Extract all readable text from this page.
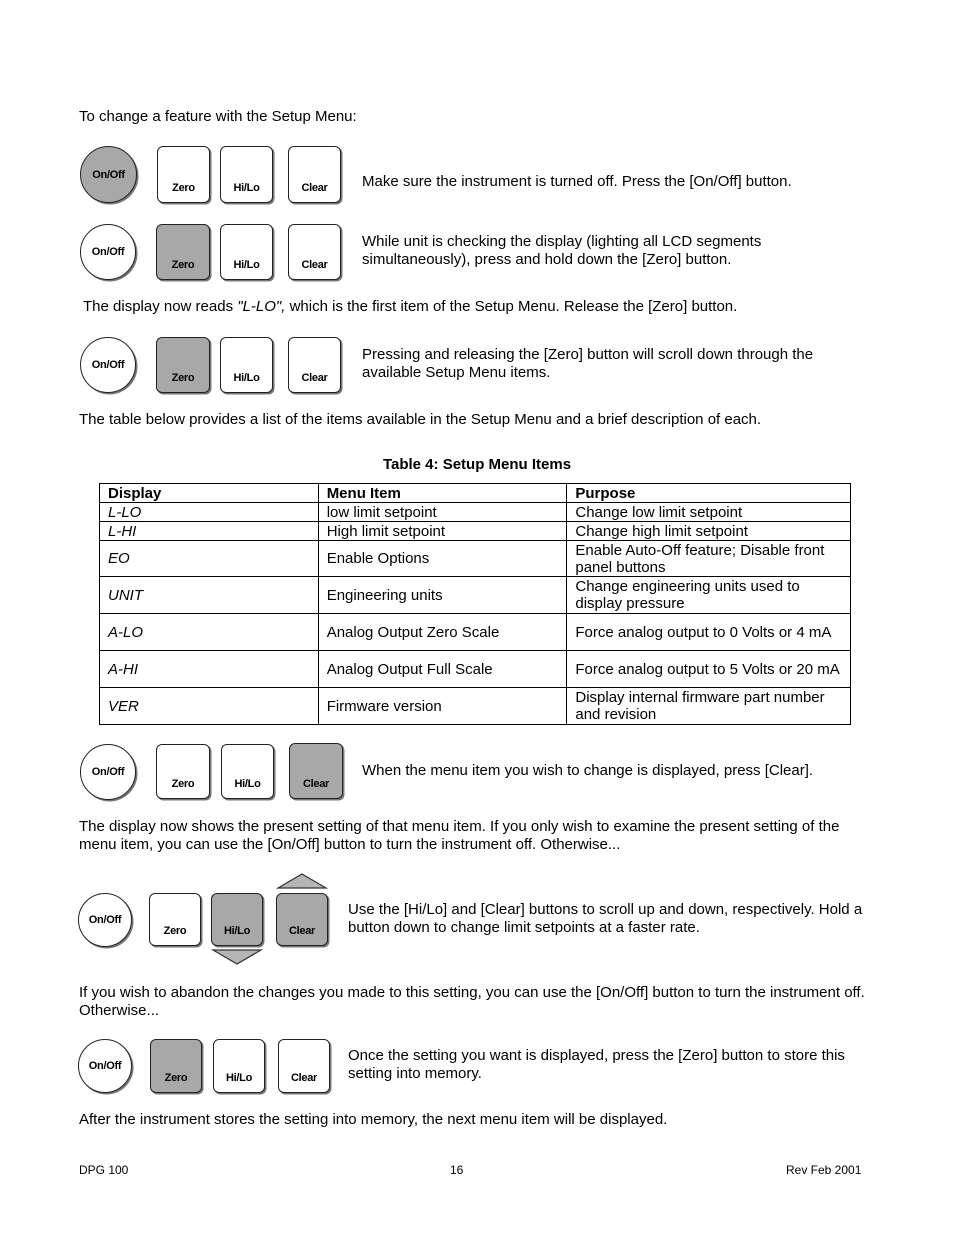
To change a feature with the Setup Menu:
On/Off
Zero	Hi/Lo	Clear	Make sure the instrument is turned off. Press the [On/Off] button.
On/Off
Zero	Hi/Lo	Clear
While unit is checking the display (lighting all LCD segments simultaneously), press and hold down the [Zero] button.
The display now reads "L-LO", which is the first item of the Setup Menu. Release the [Zero] button.
On/Off
Zero	Hi/Lo	Clear
Pressing and releasing the [Zero] button will scroll down through the available Setup Menu items.
The table below provides a list of the items available in the Setup Menu and a brief description of each.
Table 4: Setup Menu Items
Display	Menu Item	Purpose
L-LO	low limit setpoint	Change low limit setpoint
L-HI	High limit setpoint	Change high limit setpoint
EO	Enable Options	Enable Auto-Off feature; Disable front panel buttons
UNIT	Engineering units	Change engineering units used to display pressure
A-LO	Analog Output Zero Scale	Force analog output to 0 Volts or 4 mA
A-HI	Analog Output Full Scale	Force analog output to 5 Volts or 20 mA
VER	Firmware version	Display internal firmware part number and revision
On/Off
Zero	Hi/Lo	Clear
When the menu item you wish to change is displayed, press [Clear].
The display now shows the present setting of that menu item. If you only wish to examine the present setting of the menu item, you can use the [On/Off] button to turn the instrument off. Otherwise...
On/Off
Zero	Hi/Lo	Clear
Use the [Hi/Lo] and [Clear] buttons to scroll up and down, respectively. Hold a button down to change limit setpoints at a faster rate.
If you wish to abandon the changes you made to this setting, you can use the [On/Off] button to turn the instrument off. Otherwise...
On/Off
Zero	Hi/Lo	Clear
Once the setting you want is displayed, press the [Zero] button to store this setting into memory.
After the instrument stores the setting into memory, the next menu item will be displayed.
DPG 100	16	Rev Feb 2001
